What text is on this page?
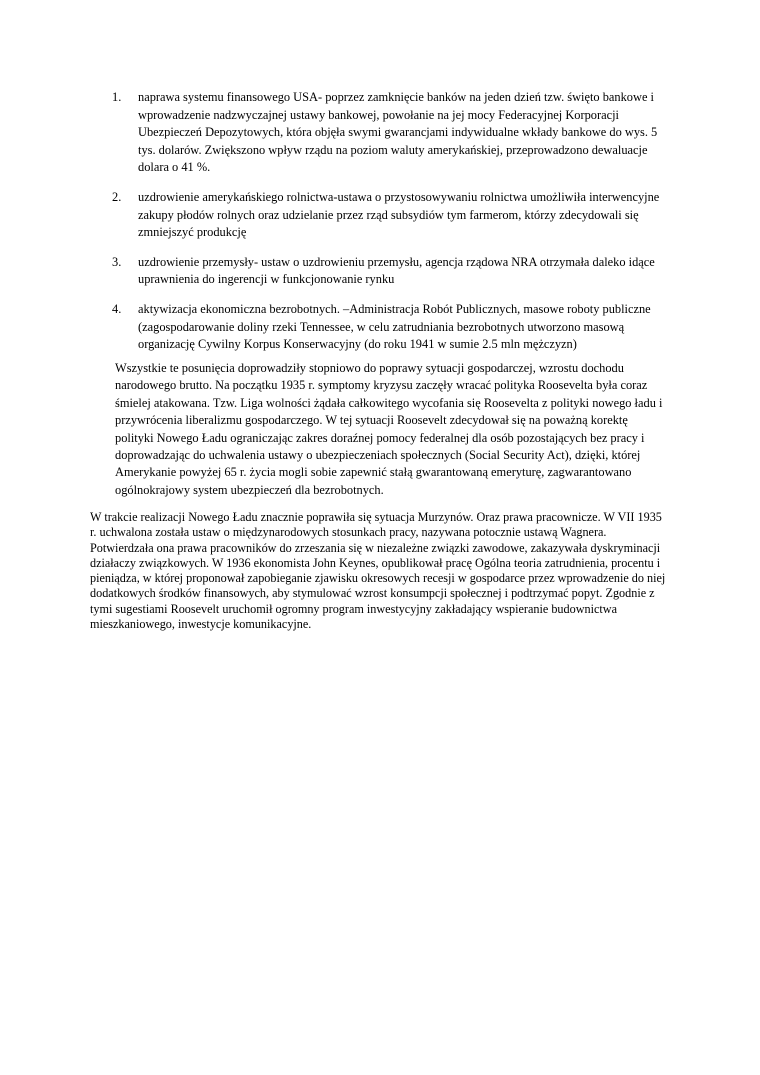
1.	naprawa systemu finansowego USA- poprzez zamknięcie banków na jeden dzień tzw. święto bankowe i wprowadzenie nadzwyczajnej ustawy bankowej, powołanie na jej mocy Federacyjnej Korporacji Ubezpieczeń Depozytowych, która objęła swymi gwarancjami indywidualne wkłady bankowe do wys. 5 tys. dolarów. Zwiększono wpływ rządu na poziom waluty amerykańskiej, przeprowadzono dewaluacje dolara o 41 %.
2.	uzdrowienie amerykańskiego rolnictwa-ustawa o przystosowywaniu rolnictwa umożliwiła interwencyjne zakupy płodów rolnych oraz udzielanie przez rząd subsydiów tym farmerom, którzy zdecydowali się zmniejszyć produkcję
3.	uzdrowienie przemysły- ustaw o uzdrowieniu przemysłu, agencja rządowa NRA otrzymała daleko idące uprawnienia do ingerencji w funkcjonowanie rynku
4.	aktywizacja ekonomiczna bezrobotnych. –Administracja Robót Publicznych, masowe roboty publiczne (zagospodarowanie doliny rzeki Tennessee, w celu zatrudniania bezrobotnych utworzono masową organizację Cywilny Korpus Konserwacyjny (do roku 1941 w sumie 2.5 mln mężczyzn)

Wszystkie te posunięcia doprowadziły stopniowo do poprawy sytuacji gospodarczej, wzrostu dochodu narodowego brutto. Na początku 1935 r. symptomy kryzysu zaczęły wracać polityka Roosevelta była coraz śmielej atakowana. Tzw. Liga wolności żądała całkowitego wycofania się Roosevelta z polityki nowego ładu i przywrócenia liberalizmu gospodarczego. W tej sytuacji Roosevelt zdecydował się na poważną korektę polityki Nowego Ładu ograniczając zakres doraźnej pomocy federalnej dla osób pozostających bez pracy i doprowadzając do uchwalenia ustawy o ubezpieczeniach społecznych (Social Security Act), dzięki, której Amerykanie powyżej 65 r. życia mogli sobie zapewnić stałą gwarantowaną emeryturę, zagwarantowano ogólnokrajowy system ubezpieczeń dla bezrobotnych.

W trakcie realizacji Nowego Ładu znacznie poprawiła się sytuacja Murzynów. Oraz prawa pracownicze. W VII 1935 r. uchwalona została ustaw o międzynarodowych stosunkach pracy, nazywana potocznie ustawą Wagnera. Potwierdzała ona prawa pracowników do zrzeszania się w niezależne związki zawodowe, zakazywała dyskryminacji działaczy związkowych. W 1936 ekonomista John Keynes, opublikował pracę Ogólna teoria zatrudnienia, procentu i pieniądza, w której proponował zapobieganie zjawisku okresowych recesji w gospodarce przez wprowadzenie do niej dodatkowych środków finansowych, aby stymulować wzrost konsumpcji społecznej i podtrzymać popyt. Zgodnie z tymi sugestiami Roosevelt uruchomił ogromny program inwestycyjny zakładający wspieranie budownictwa mieszkaniowego, inwestycje komunikacyjne.
